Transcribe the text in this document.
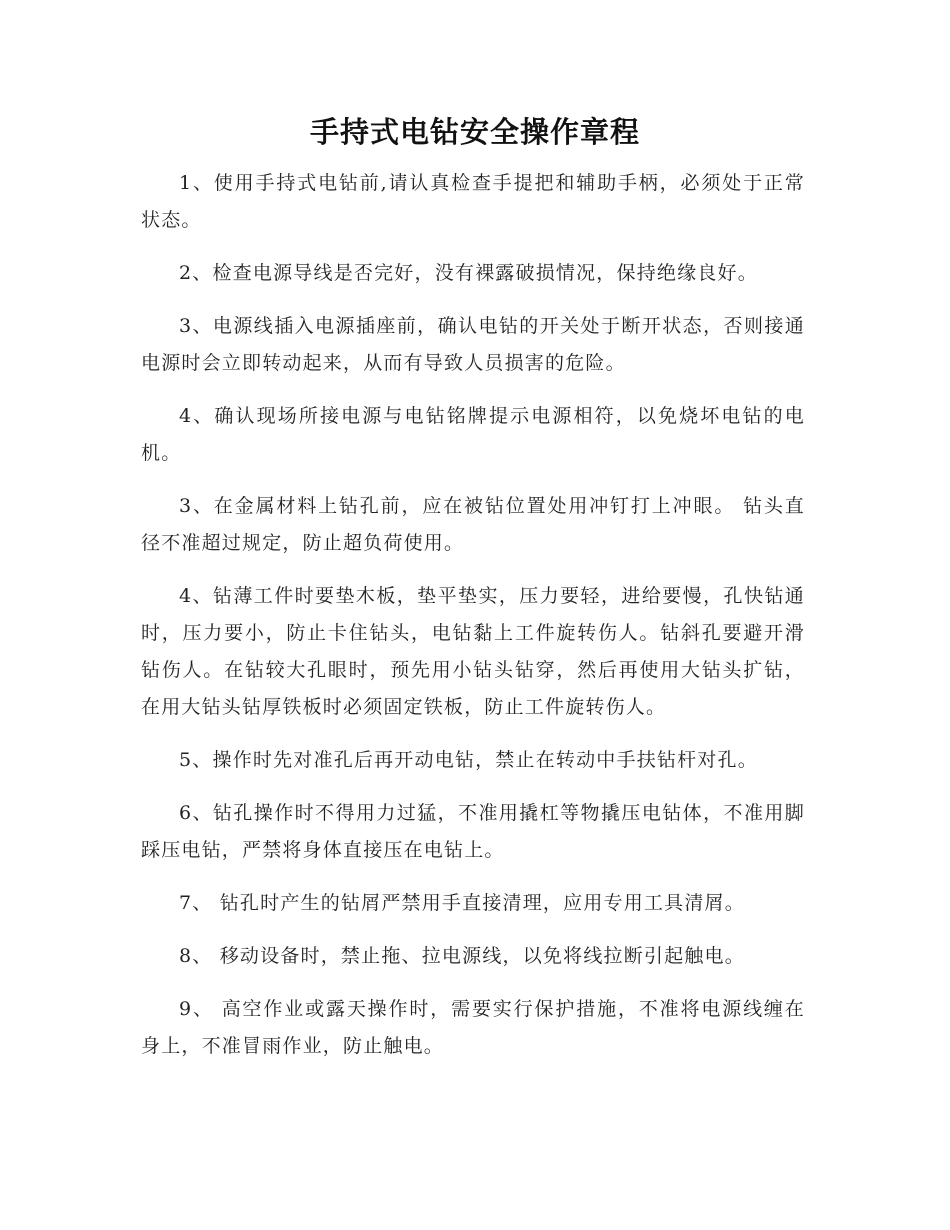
手持式电钻安全操作章程

1、使用手持式电钻前,请认真检查手提把和辅助手柄，必须处于正常状态。

2、检查电源导线是否完好，没有裸露破损情况，保持绝缘良好。

3、电源线插入电源插座前，确认电钻的开关处于断开状态，否则接通电源时会立即转动起来，从而有导致人员损害的危险。

4、确认现场所接电源与电钻铭牌提示电源相符，以免烧坏电钻的电机。

3、在金属材料上钻孔前，应在被钻位置处用冲钉打上冲眼。 钻头直径不准超过规定，防止超负荷使用。

4、钻薄工件时要垫木板，垫平垫实，压力要轻，进给要慢，孔快钻通时，压力要小，防止卡住钻头，电钻黏上工件旋转伤人。钻斜孔要避开滑钻伤人。在钻较大孔眼时，预先用小钻头钻穿，然后再使用大钻头扩钻，在用大钻头钻厚铁板时必须固定铁板，防止工件旋转伤人。

5、操作时先对准孔后再开动电钻，禁止在转动中手扶钻杆对孔。

6、钻孔操作时不得用力过猛，不准用撬杠等物撬压电钻体，不准用脚踩压电钻，严禁将身体直接压在电钻上。

7、 钻孔时产生的钻屑严禁用手直接清理，应用专用工具清屑。

8、 移动设备时，禁止拖、拉电源线，以免将线拉断引起触电。

9、 高空作业或露天操作时，需要实行保护措施，不准将电源线缠在身上，不准冒雨作业，防止触电。
